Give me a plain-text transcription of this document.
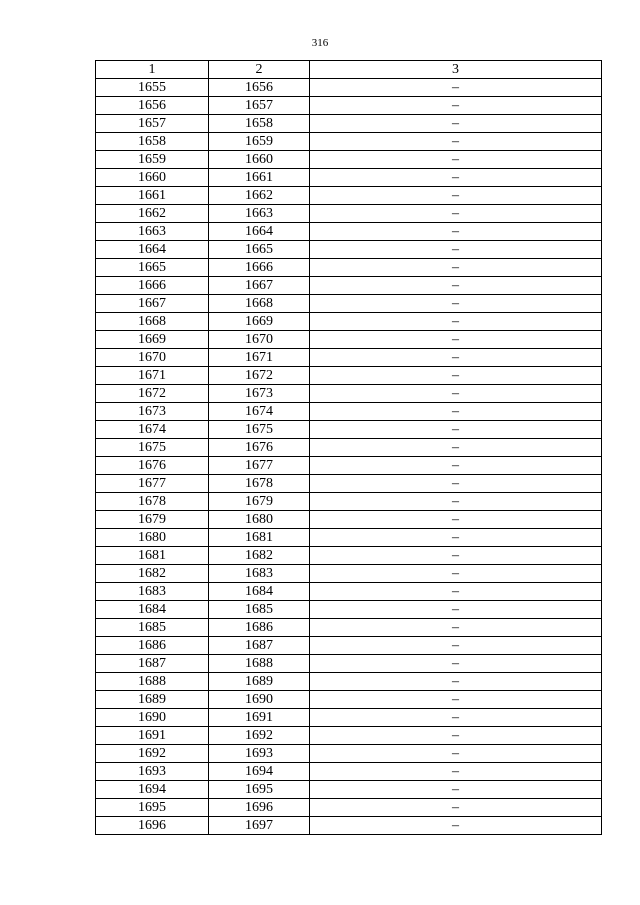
316
1	2	3
1655	1656	–
1656	1657	–
1657	1658	–
1658	1659	–
1659	1660	–
1660	1661	–
1661	1662	–
1662	1663	–
1663	1664	–
1664	1665	–
1665	1666	–
1666	1667	–
1667	1668	–
1668	1669	–
1669	1670	–
1670	1671	–
1671	1672	–
1672	1673	–
1673	1674	–
1674	1675	–
1675	1676	–
1676	1677	–
1677	1678	–
1678	1679	–
1679	1680	–
1680	1681	–
1681	1682	–
1682	1683	–
1683	1684	–
1684	1685	–
1685	1686	–
1686	1687	–
1687	1688	–
1688	1689	–
1689	1690	–
1690	1691	–
1691	1692	–
1692	1693	–
1693	1694	–
1694	1695	–
1695	1696	–
1696	1697	–
